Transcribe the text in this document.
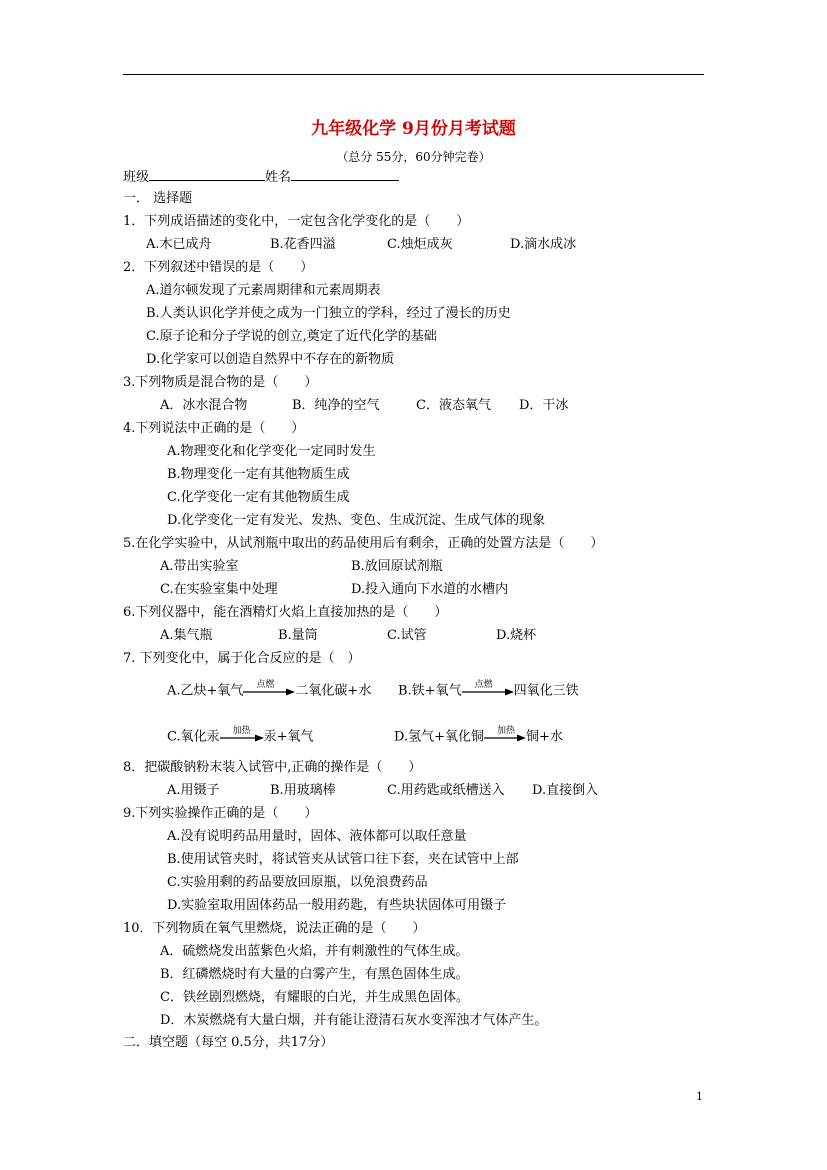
九年级化学 9月份月考试题
（总分 55分，60分钟完卷）
班级	姓名
一． 选择题
1．下列成语描述的变化中，一定包含化学变化的是（　　）
A.木已成舟	B.花香四溢	C.烛炬成灰	D.滴水成冰
2．下列叙述中错误的是（　　）
A.道尔顿发现了元素周期律和元素周期表
B.人类认识化学并使之成为一门独立的学科，经过了漫长的历史
C.原子论和分子学说的创立,奠定了近代化学的基础
D.化学家可以创造自然界中不存在的新物质
3.下列物质是混合物的是（　　）
A．冰水混合物	B．纯净的空气	C．液态氧气 D．干冰
4.下列说法中正确的是（　　）
A.物理变化和化学变化一定同时发生
B.物理变化一定有其他物质生成
C.化学变化一定有其他物质生成
D.化学变化一定有发光、发热、变色、生成沉淀、生成气体的现象
5.在化学实验中，从试剂瓶中取出的药品使用后有剩余，正确的处置方法是（　　）
A.带出实验室	B.放回原试剂瓶
C.在实验室集中处理	D.投入通向下水道的水槽内
6.下列仪器中，能在酒精灯火焰上直接加热的是（　　）
A.集气瓶	B.量筒	C.试管	D.烧杯
7. 下列变化中，属于化合反应的是（　）
A.乙炔+氧气	点燃	二氧化碳+水 B.铁+氧气	点燃	四氧化三铁
C.氧化汞	加热	汞+氧气	D.氢气+氧化铜	加热 铜+水
8．把碳酸钠粉末装入试管中,正确的操作是（　　）
A.用镊子	B.用玻璃棒	C.用药匙或纸槽送入 D.直接倒入
9.下列实验操作正确的是（　　）
A.没有说明药品用量时，固体、液体都可以取任意量
B.使用试管夹时，将试管夹从试管口往下套，夹在试管中上部
C.实验用剩的药品要放回原瓶，以免浪费药品
D.实验室取用固体药品一般用药匙，有些块状固体可用镊子
10．下列物质在氧气里燃烧，说法正确的是（　　）
A．硫燃烧发出蓝紫色火焰，并有刺激性的气体生成。
B．红磷燃烧时有大量的白雾产生，有黑色固体生成。
C．铁丝剧烈燃烧，有耀眼的白光，并生成黑色固体。
D．木炭燃烧有大量白烟，并有能让澄清石灰水变浑浊才气体产生。
二．填空题（每空 0.5分，共17分）
1
